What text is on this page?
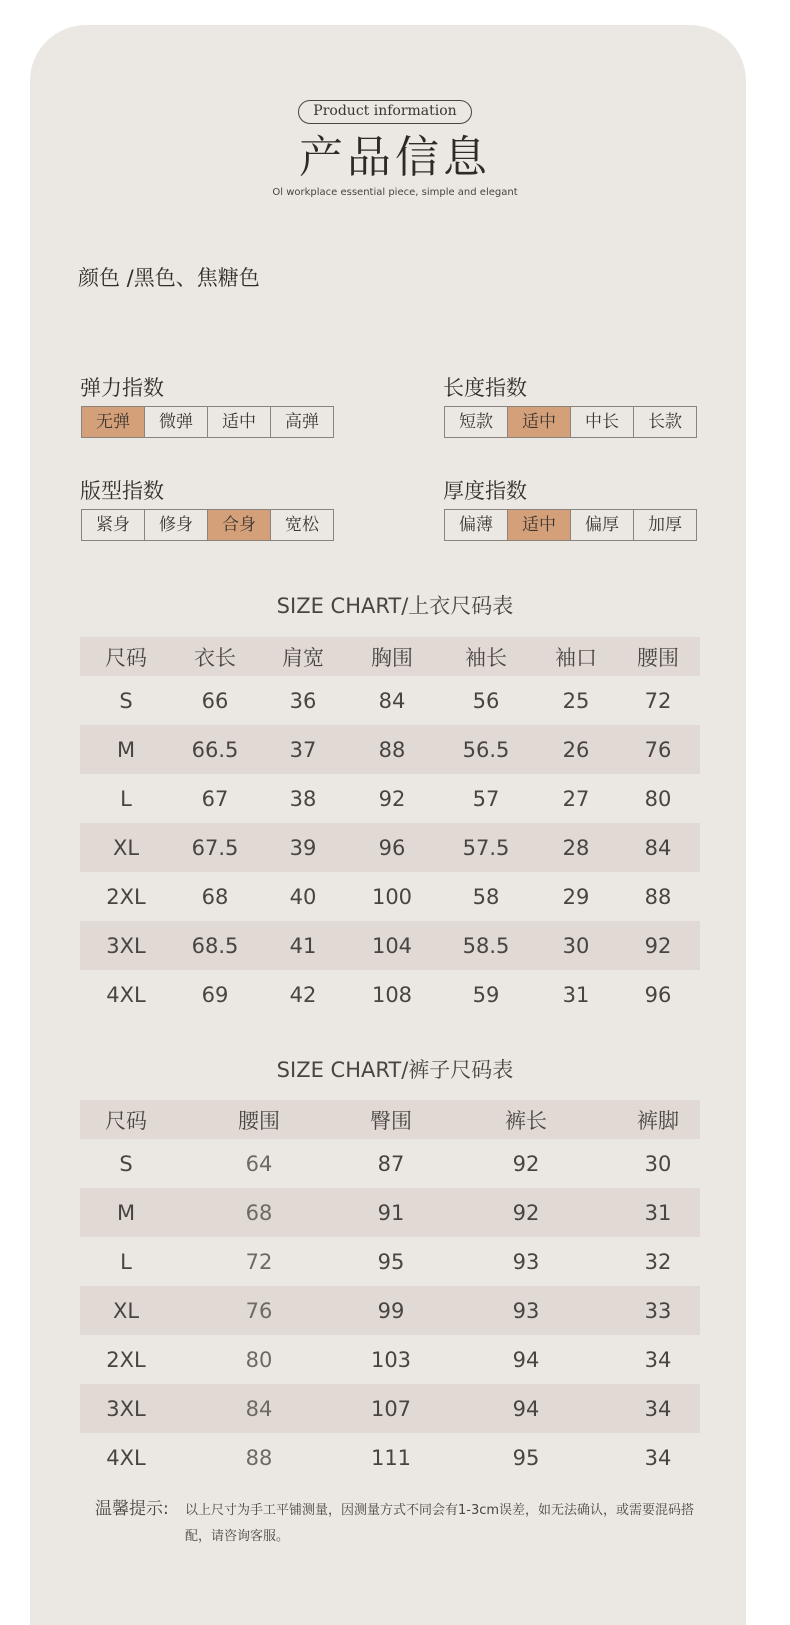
Product information
产品信息
Ol workplace essential piece, simple and elegant
颜色 /黑色、焦糖色
弹力指数
无弹	微弹	适中	高弹
长度指数
短款	适中	中长	长款
版型指数
紧身	修身	合身	宽松
厚度指数
偏薄	适中	偏厚	加厚
SIZE CHART/上衣尺码表
尺码	衣长	肩宽	胸围	袖长	袖口	腰围
S	66	36	84	56	25	72
M	66.5	37	88	56.5	26	76
L	67	38	92	57	27	80
XL	67.5	39	96	57.5	28	84
2XL	68	40	100	58	29	88
3XL	68.5	41	104	58.5	30	92
4XL	69	42	108	59	31	96
SIZE CHART/裤子尺码表
尺码	腰围	臀围	裤长	裤脚
S	64	87	92	30
M	68	91	92	31
L	72	95	93	32
XL	76	99	93	33
2XL	80	103	94	34
3XL	84	107	94	34
4XL	88	111	95	34
温馨提示: 以上尺寸为手工平铺测量，因测量方式不同会有1-3cm误差，如无法确认，或需要混码搭配，请咨询客服。
